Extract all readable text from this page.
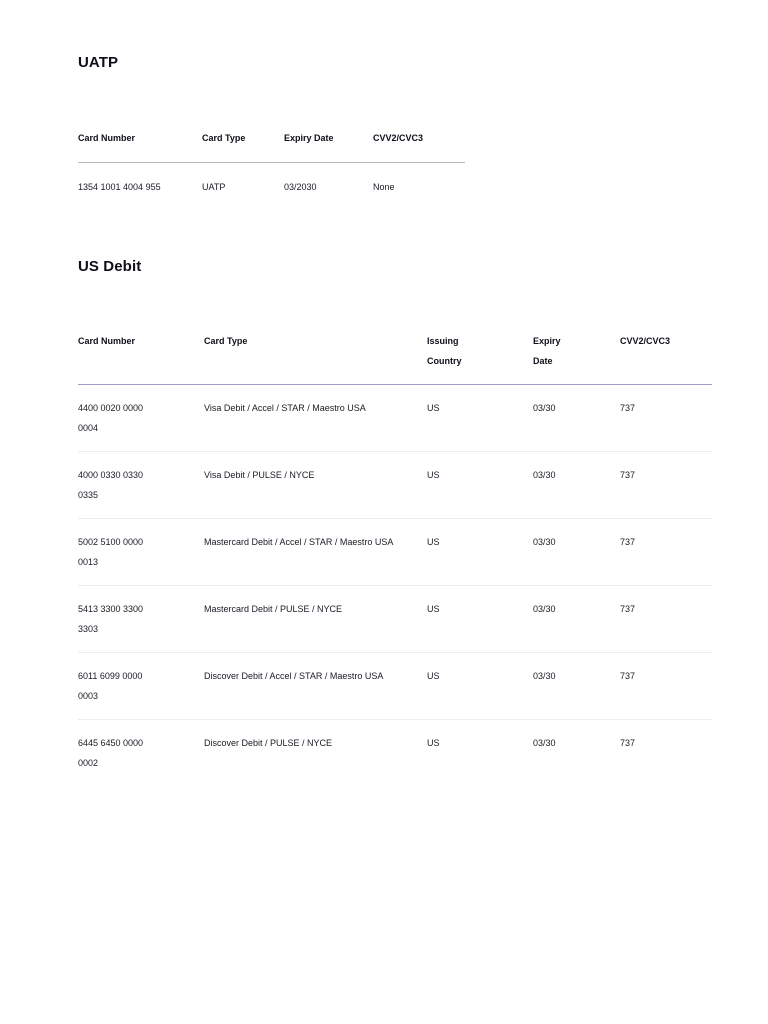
UATP
Card Number	Card Type	Expiry Date	CVV2/CVC3
1354 1001 4004 955	UATP	03/2030	None
US Debit
Card Number	Card Type	Issuing Country	Expiry Date	CVV2/CVC3
4400 0020 0000 0004	Visa Debit / Accel / STAR / Maestro USA	US	03/30	737
4000 0330 0330 0335	Visa Debit / PULSE / NYCE	US	03/30	737
5002 5100 0000 0013	Mastercard Debit / Accel / STAR / Maestro USA	US	03/30	737
5413 3300 3300 3303	Mastercard Debit / PULSE / NYCE	US	03/30	737
6011 6099 0000 0003	Discover Debit / Accel / STAR / Maestro USA	US	03/30	737
6445 6450 0000 0002	Discover Debit / PULSE / NYCE	US	03/30	737
